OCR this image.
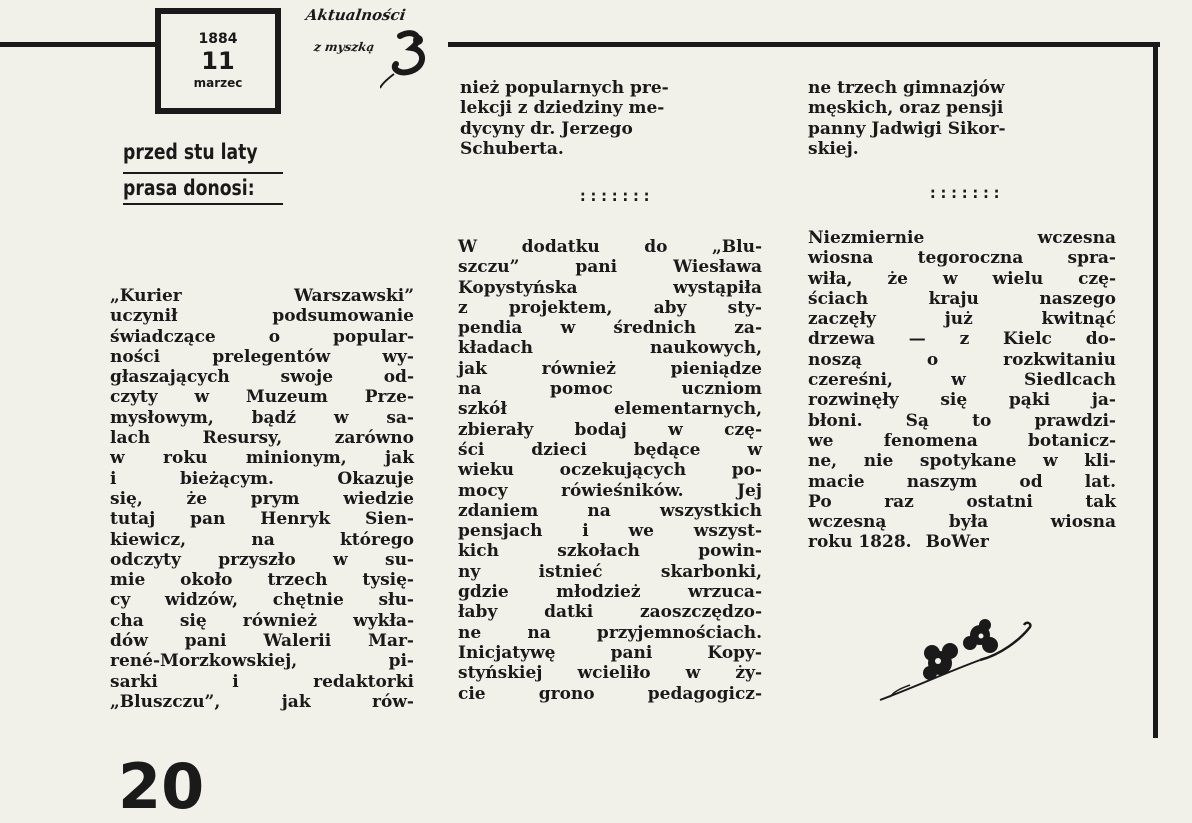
1884
11
marzec
Aktualności
z myszką
przed stu laty
prasa donosi:
„Kurier Warszawski”
uczynił podsumowanie
świadczące o popular-
ności prelegentów wy-
głaszających swoje od-
czyty w Muzeum Prze-
mysłowym, bądź w sa-
lach Resursy, zarówno
w roku minionym, jak
i bieżącym. Okazuje
się, że prym wiedzie
tutaj pan Henryk Sien-
kiewicz, na którego
odczyty przyszło w su-
mie około trzech tysię-
cy widzów, chętnie słu-
cha się również wykła-
dów pani Walerii Mar-
rené-Morzkowskiej, pi-
sarki i redaktorki
„Bluszczu”, jak rów-
nież popularnych pre-
lekcji z dziedziny me-
dycyny dr. Jerzego
Schuberta.
:::::::
W dodatku do „Blu-
szczu” pani Wiesława
Kopystyńska wystąpiła
z projektem, aby sty-
pendia w średnich za-
kładach naukowych,
jak również pieniądze
na pomoc uczniom
szkół elementarnych,
zbierały bodaj w czę-
ści dzieci będące w
wieku oczekujących po-
mocy rówieśników. Jej
zdaniem na wszystkich
pensjach i we wszyst-
kich szkołach powin-
ny istnieć skarbonki,
gdzie młodzież wrzuca-
łaby datki zaoszczędzo-
ne na przyjemnościach.
Inicjatywę pani Kopy-
styńskiej wcieliło w ży-
cie grono pedagogicz-
ne trzech gimnazjów
męskich, oraz pensji
panny Jadwigi Sikor-
skiej.
:::::::
Niezmiernie wczesna
wiosna tegoroczna spra-
wiła, że w wielu czę-
ściach kraju naszego
zaczęły już kwitnąć
drzewa — z Kielc do-
noszą o rozkwitaniu
czereśni, w Siedlcach
rozwinęły się pąki ja-
błoni. Są to prawdzi-
we fenomena botanicz-
ne, nie spotykane w kli-
macie naszym od lat.
Po raz ostatni tak
wczesną była wiosna
roku 1828. BoWer
20
